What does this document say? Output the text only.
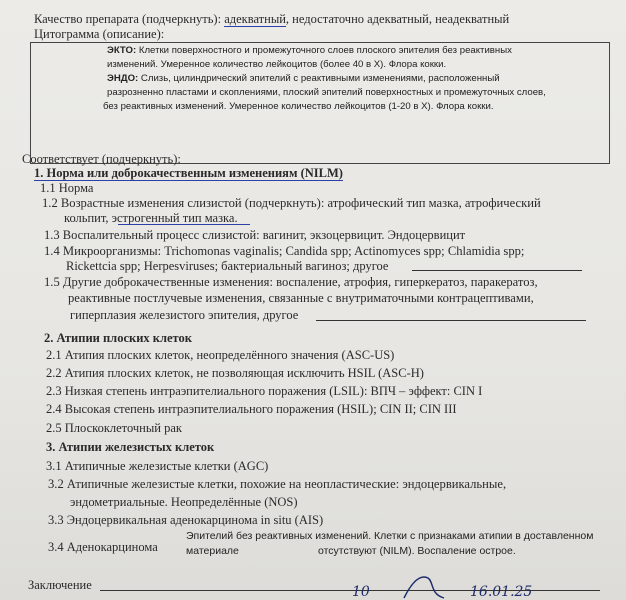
Качество препарата (подчеркнуть): адекватный, недостаточно адекватный, неадекватный
Цитограмма (описание):
ЭКТО: Клетки поверхностного и промежуточного слоев плоского эпителия без реактивных
изменений. Умеренное количество лейкоцитов (более 40 в Х). Флора кокки.
ЭНДО: Слизь, цилиндрический эпителий с реактивными изменениями, расположенный
разрозненно пластами и скоплениями, плоский эпителий поверхностных и промежуточных слоев,
без реактивных изменений. Умеренное количество лейкоцитов (1-20 в Х). Флора кокки.
Соответствует (подчеркнуть):
1. Норма или доброкачественным изменениям (NILM)
1.1 Норма
1.2 Возрастные изменения слизистой (подчеркнуть): атрофический тип мазка, атрофический
кольпит, эстрогенный тип мазка.
1.3 Воспалительный процесс слизистой: вагинит, экзоцервицит. Эндоцервицит
1.4 Микроорганизмы: Trichomonas vaginalis; Candida spp; Actinomyces spp; Chlamidia spp;
Rickettcia spp; Herpesviruses; бактериальный вагиноз; другое
1.5 Другие доброкачественные изменения: воспаление, атрофия, гиперкератоз, паракератоз,
реактивные постлучевые изменения, связанные с внутриматочными контрацептивами,
гиперплазия железистого эпителия, другое
2. Атипии плоских клеток
2.1 Атипия плоских клеток, неопределённого значения (ASC-US)
2.2 Атипия плоских клеток, не позволяющая исключить HSIL (ASC-H)
2.3 Низкая степень интраэпителиального поражения (LSIL): ВПЧ – эффект: CIN I
2.4 Высокая степень интраэпителиального поражения (HSIL); CIN II; CIN III
2.5 Плоскоклеточный рак
3. Атипии железистых клеток
3.1 Атипичные железистые клетки (AGC)
3.2 Атипичные железистые клетки, похожие на неопластические: эндоцервикальные,
эндометриальные. Неопределённые (NOS)
3.3 Эндоцервикальная аденокарцинома in situ (AIS)
3.4 Аденокарцинома
Эпителий без реактивных изменений. Клетки с признаками атипии в доставленном
материале	отсутствуют (NILM). Воспаление острое.
Заключение	10	16.01.25
